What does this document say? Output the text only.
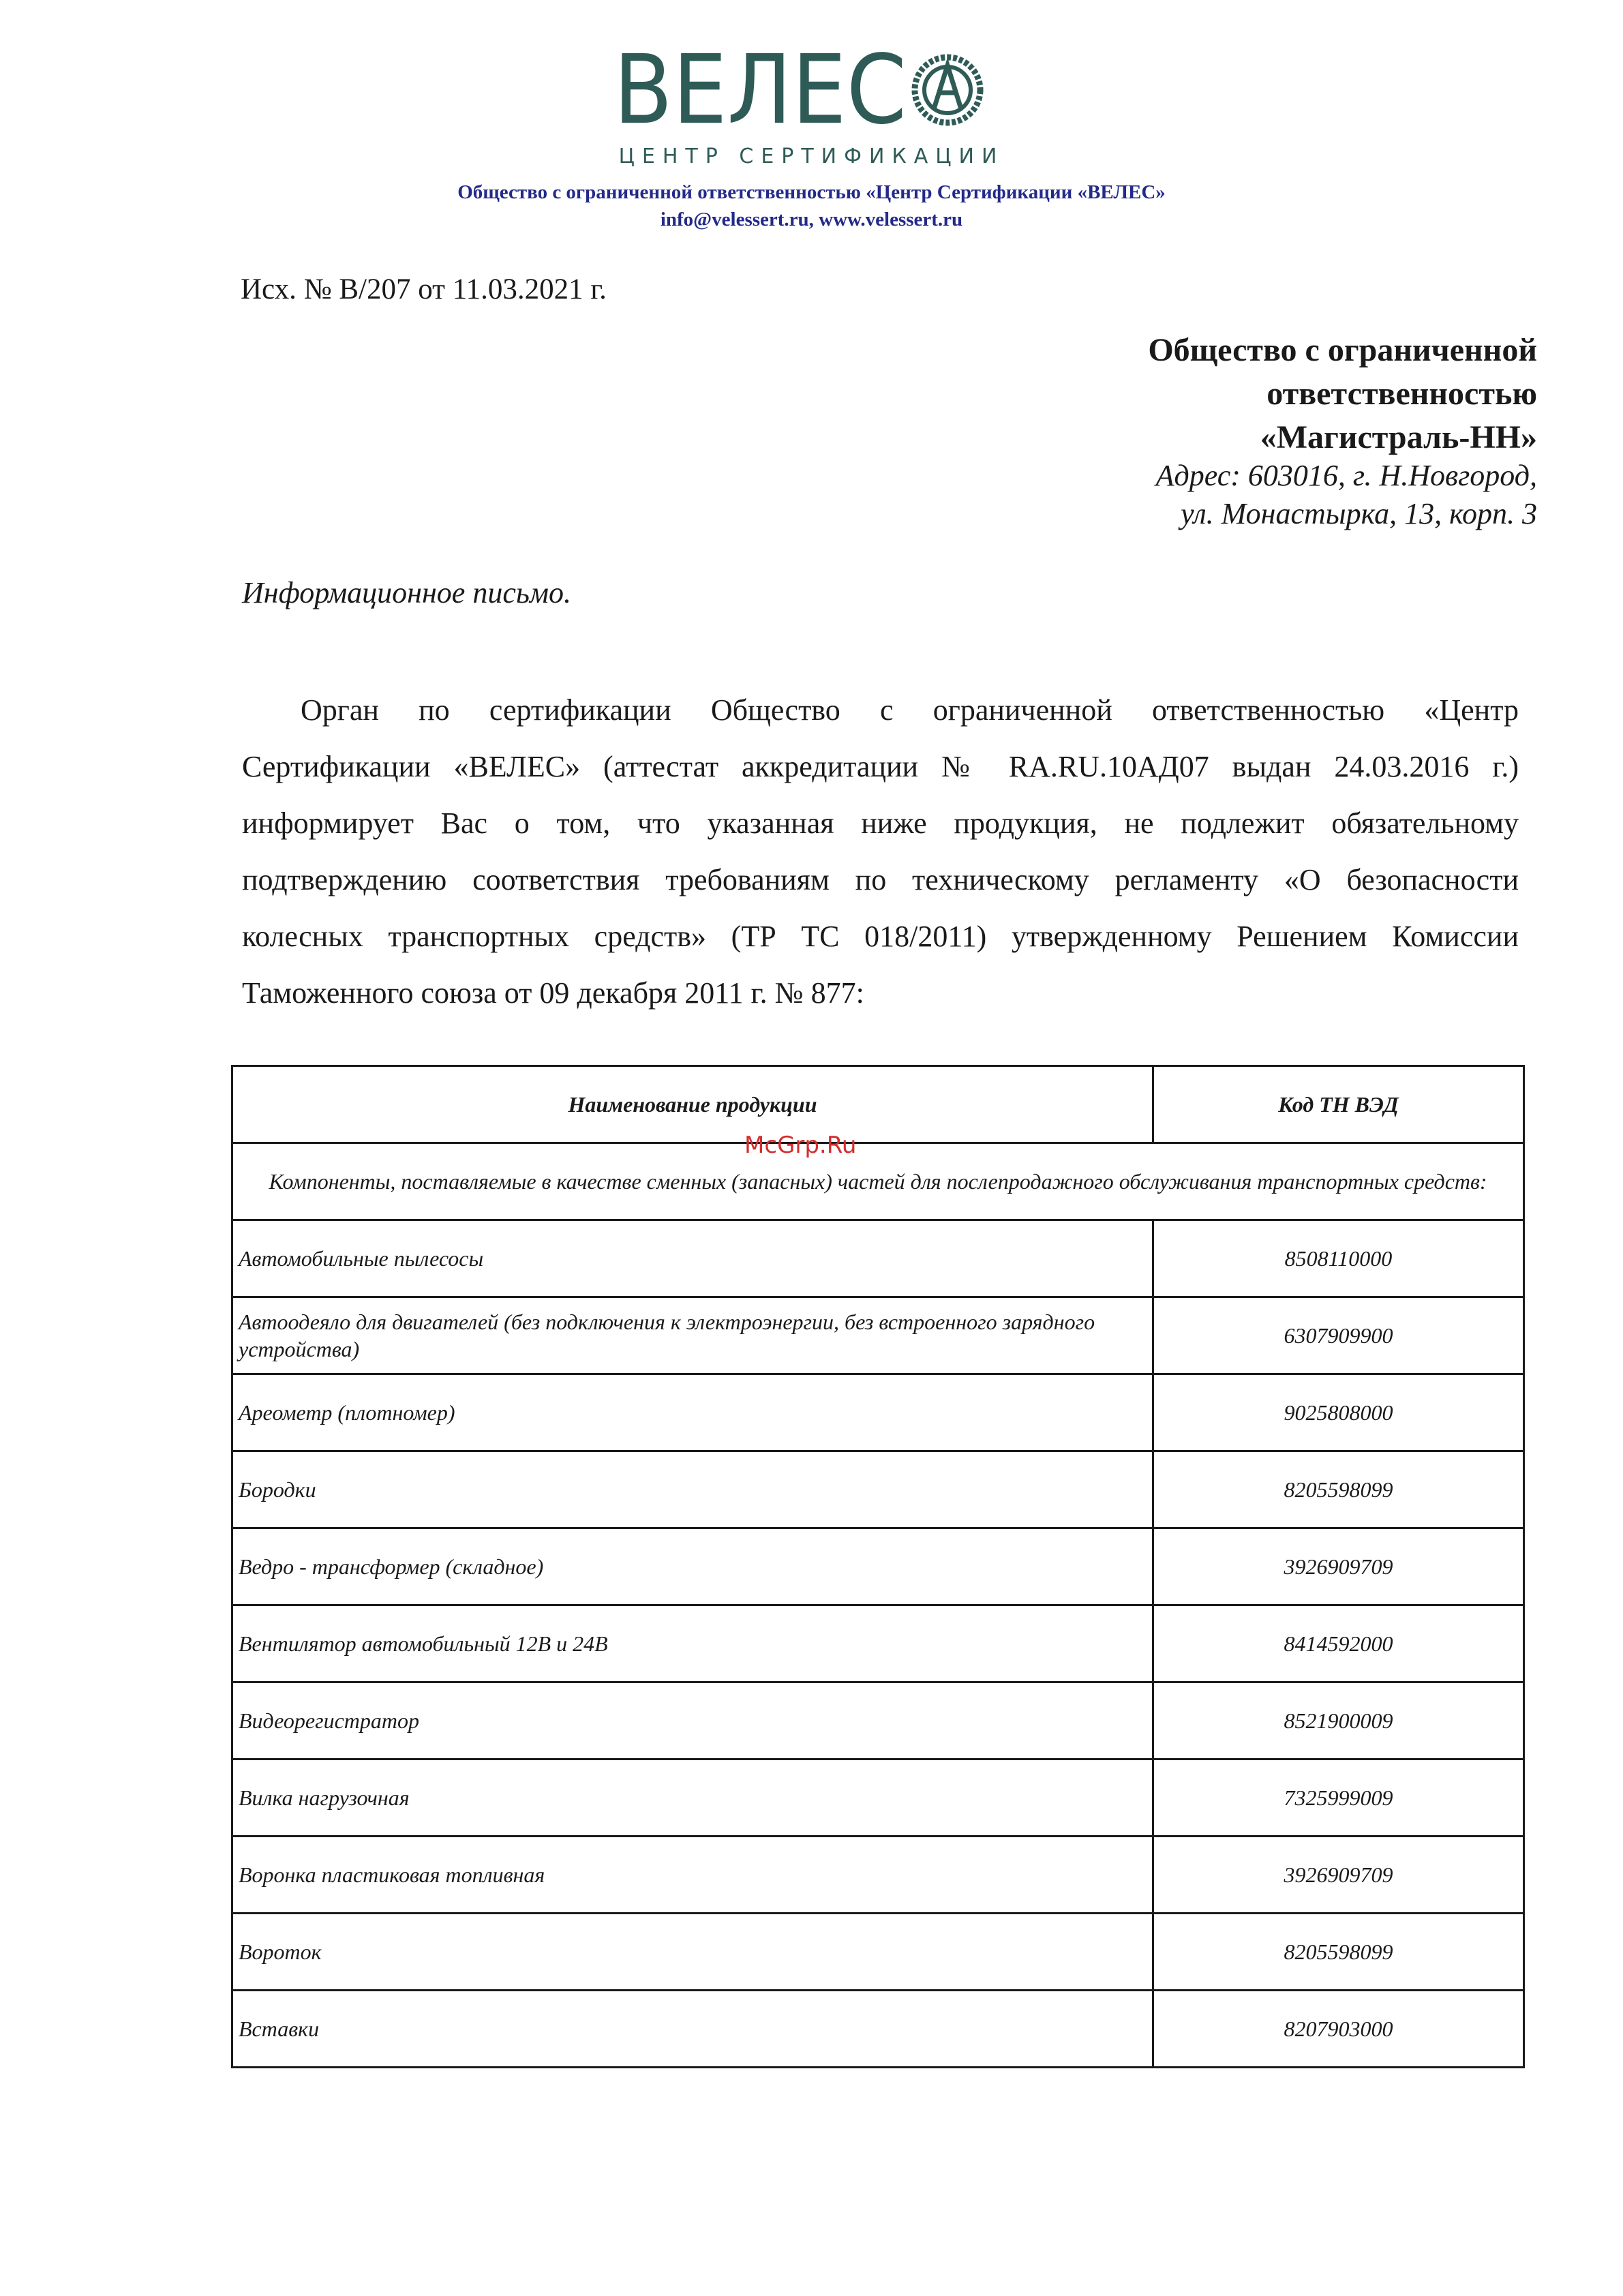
ВЕЛЕС
ЦЕНТР СЕРТИФИКАЦИИ
Общество с ограниченной ответственностью «Центр Сертификации «ВЕЛЕС»
info@velessert.ru, www.velessert.ru
Исх. № В/207 от 11.03.2021 г.
Общество с ограниченной
ответственностью
«Магистраль-НН»
Адрес: 603016, г. Н.Новгород,
ул. Монастырка, 13, корп. 3
Информационное письмо.
Орган по сертификации Общество с ограниченной ответственностью «Центр
Сертификации «ВЕЛЕС» (аттестат аккредитации № RA.RU.10АД07 выдан 24.03.2016 г.)
информирует Вас о том, что указанная ниже продукция, не подлежит обязательному
подтверждению соответствия требованиям по техническому регламенту «О безопасности
колесных транспортных средств» (ТР ТС 018/2011) утвержденному Решением Комиссии
Таможенного союза от 09 декабря 2011 г. № 877:
Наименование продукции	Код ТН ВЭД
Компоненты, поставляемые в качестве сменных (запасных) частей для послепродажного обслуживания транспортных средств:	
Автомобильные пылесосы	8508110000
Автоодеяло для двигателей (без подключения к электроэнергии, без встроенного зарядного устройства)	6307909900
Ареометр (плотномер)	9025808000
Бородки	8205598099
Ведро - трансформер (складное)	3926909709
Вентилятор автомобильный 12В и 24В	8414592000
Видеорегистратор	8521900009
Вилка нагрузочная	7325999009
Воронка пластиковая топливная	3926909709
Вороток	8205598099
Вставки	8207903000
McGrp.Ru
